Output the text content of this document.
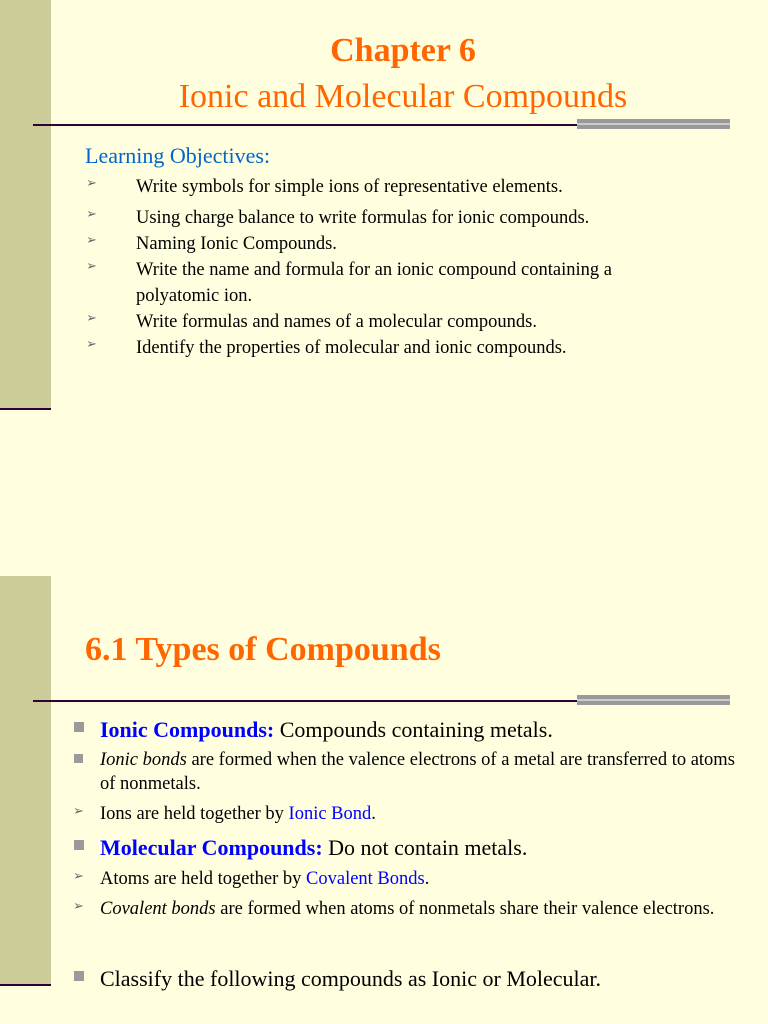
Chapter 6
Ionic and Molecular Compounds
Learning Objectives:
➢ Write symbols for simple ions of representative elements.
➢ Using charge balance to write formulas for ionic compounds.
➢ Naming Ionic Compounds.
➢ Write the name and formula for an ionic compound containing a polyatomic ion.
➢ Write formulas and names of a molecular compounds.
➢ Identify the properties of molecular and ionic compounds.
6.1 Types of Compounds
Ionic Compounds: Compounds containing metals.
Ionic bonds are formed when the valence electrons of a metal are transferred to atoms of nonmetals.
➢ Ions are held together by Ionic Bond.
Molecular Compounds: Do not contain metals.
➢ Atoms are held together by Covalent Bonds.
➢ Covalent bonds are formed when atoms of nonmetals share their valence electrons.
Classify the following compounds as Ionic or Molecular.
